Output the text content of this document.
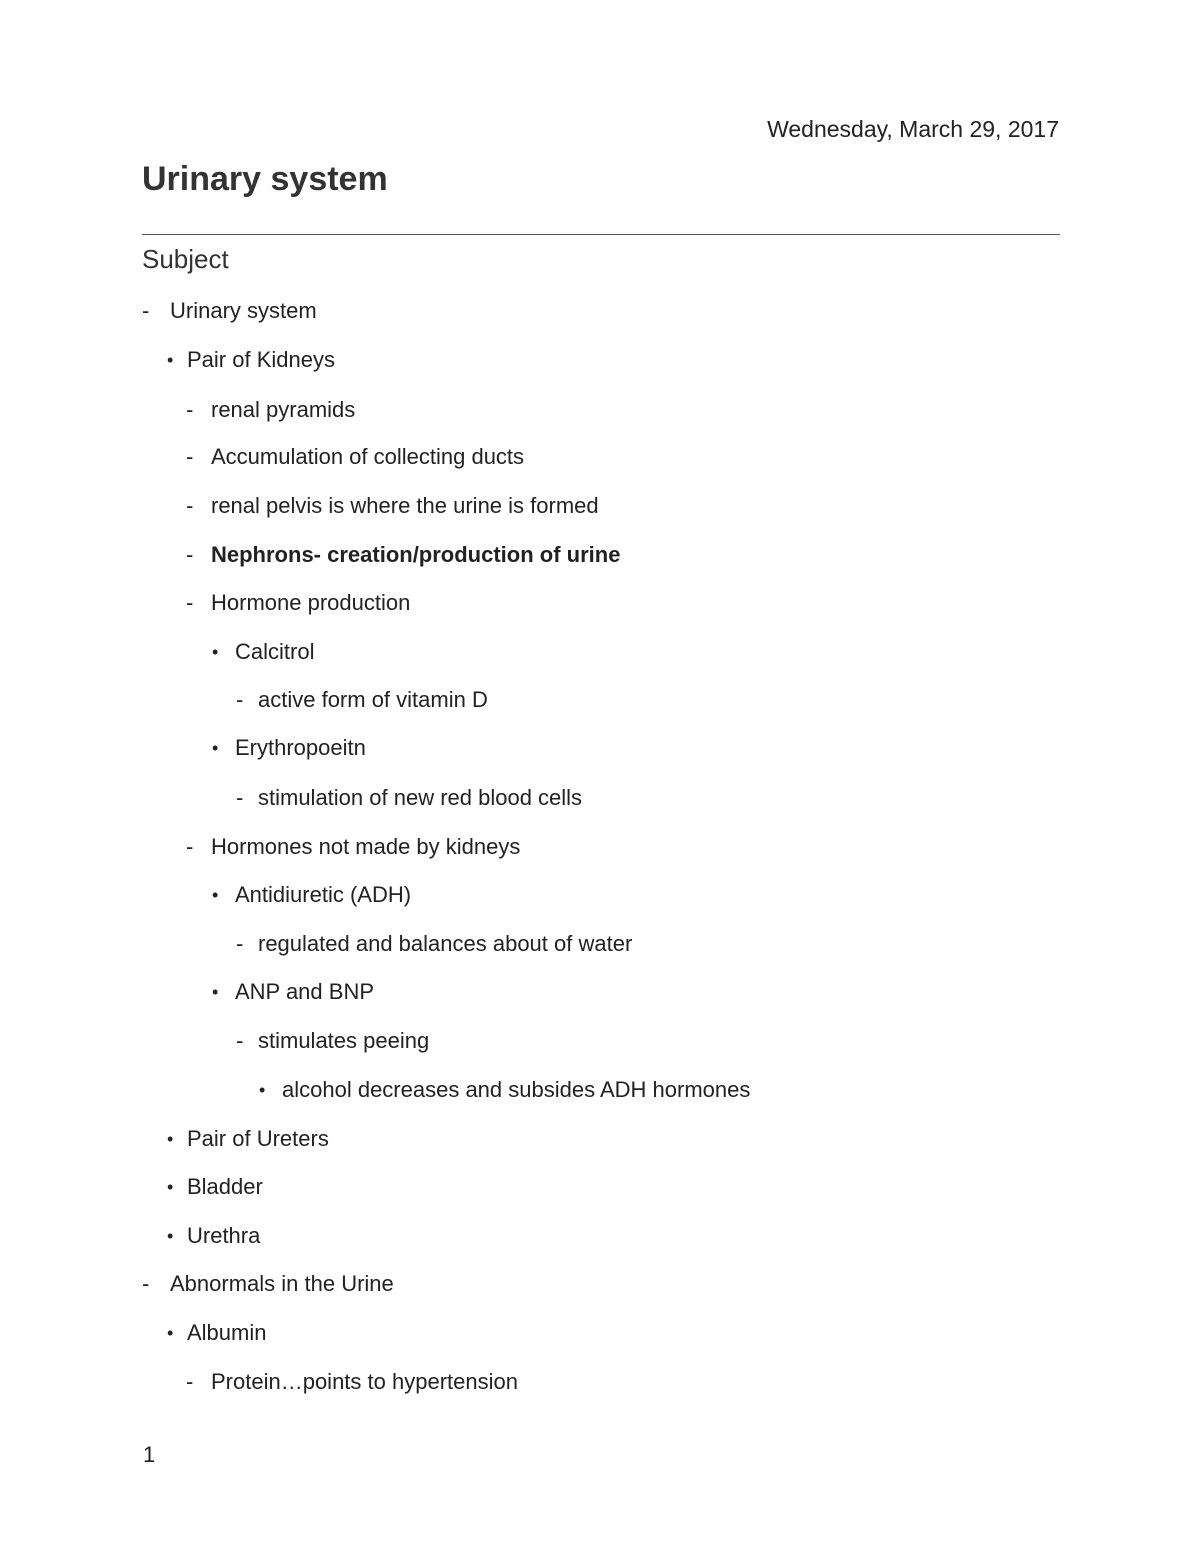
Wednesday, March 29, 2017
Urinary system
Subject
- Urinary system
• Pair of Kidneys
- renal pyramids
- Accumulation of collecting ducts
- renal pelvis is where the urine is formed
- Nephrons- creation/production of urine
- Hormone production
• Calcitrol
- active form of vitamin D
• Erythropoeitn
- stimulation of new red blood cells
- Hormones not made by kidneys
• Antidiuretic (ADH)
- regulated and balances about of water
• ANP and BNP
- stimulates peeing
• alcohol decreases and subsides ADH hormones
• Pair of Ureters
• Bladder
• Urethra
- Abnormals in the Urine
• Albumin
- Protein…points to hypertension
1
